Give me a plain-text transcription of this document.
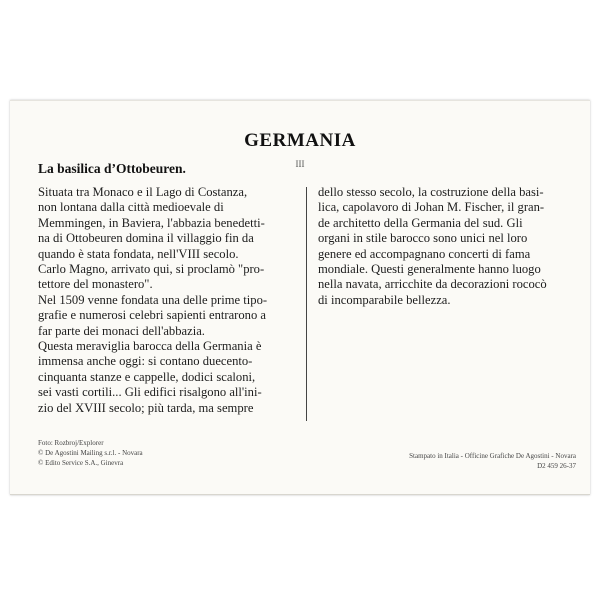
GERMANIA
III
La basilica d’Ottobeuren.
Situata tra Monaco e il Lago di Costanza,
non lontana dalla città medioevale di
Memmingen, in Baviera, l'abbazia benedetti-
na di Ottobeuren domina il villaggio fin da
quando è stata fondata, nell'VIII secolo.
Carlo Magno, arrivato qui, si proclamò "pro-
tettore del monastero".
Nel 1509 venne fondata una delle prime tipo-
grafie e numerosi celebri sapienti entrarono a
far parte dei monaci dell'abbazia.
Questa meraviglia barocca della Germania è
immensa anche oggi: si contano duecento-
cinquanta stanze e cappelle, dodici scaloni,
sei vasti cortili... Gli edifici risalgono all'ini-
zio del XVIII secolo; più tarda, ma sempre
dello stesso secolo, la costruzione della basi-
lica, capolavoro di Johan M. Fischer, il gran-
de architetto della Germania del sud. Gli
organi in stile barocco sono unici nel loro
genere ed accompagnano concerti di fama
mondiale. Questi generalmente hanno luogo
nella navata, arricchite da decorazioni rococò
di incomparabile bellezza.
Foto: Rozbroj/Explorer
© De Agostini Mailing s.r.l. - Novara
© Edito Service S.A., Ginevra
Stampato in Italia - Officine Grafiche De Agostini - Novara
D2 459 26-37
